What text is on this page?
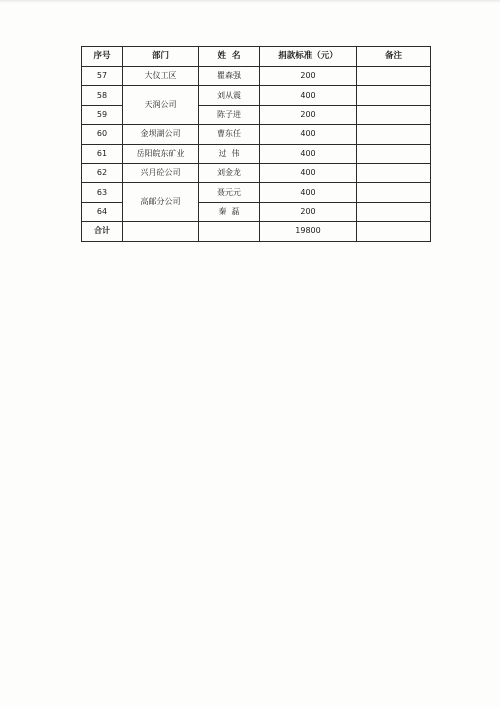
序号	部门	姓  名	捐款标准（元）	备注
57	大仪工区	瞿森强	200	
58	天润公司	刘从震	400	
59		陈子进	200	
60	金坝湖公司	曹东任	400	
61	岳阳皖东矿业	过  伟	400	
62	兴月砼公司	刘金龙	400	
63	高邮分公司	聂元元	400	
64		秦  磊	200	
合计			19800	
